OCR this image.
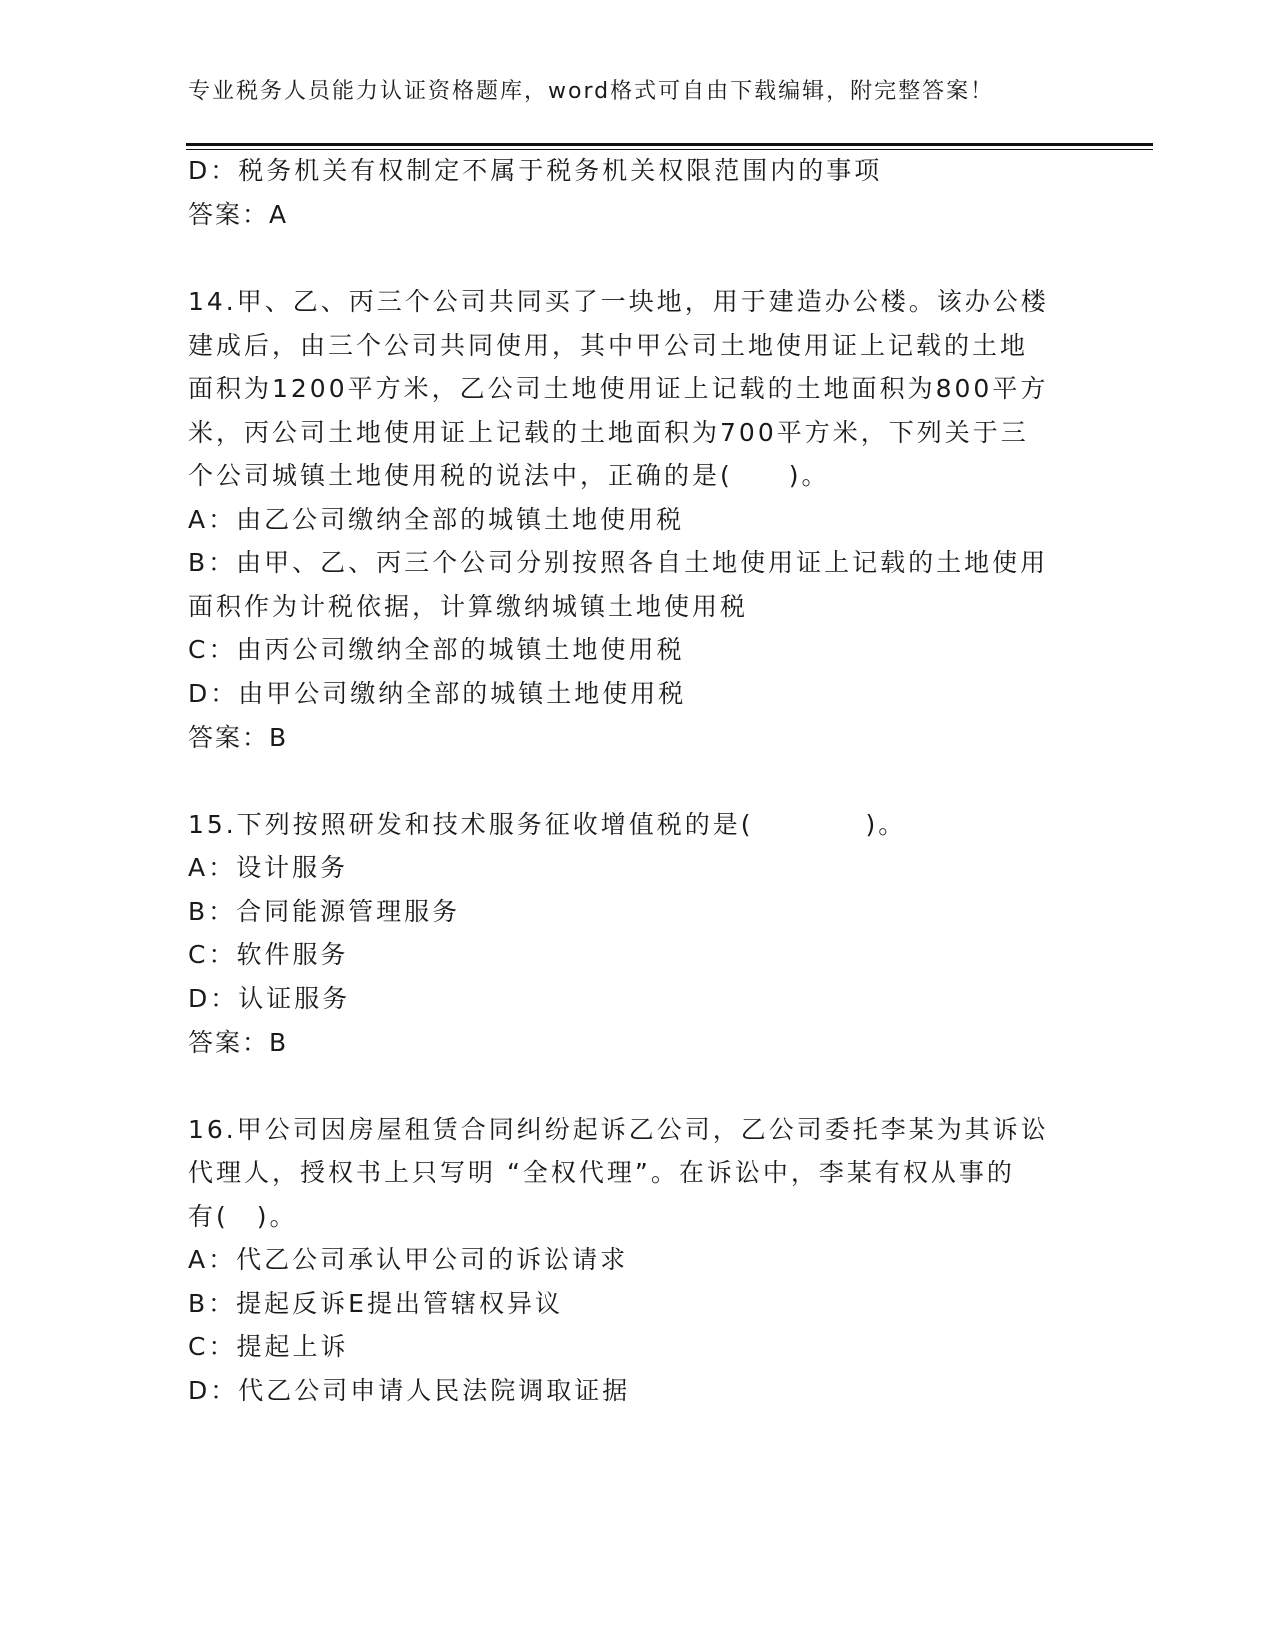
专业税务人员能力认证资格题库，word格式可自由下载编辑，附完整答案！
D：税务机关有权制定不属于税务机关权限范围内的事项
答案：A
14.甲、乙、丙三个公司共同买了一块地，用于建造办公楼。该办公楼
建成后，由三个公司共同使用，其中甲公司土地使用证上记载的土地
面积为1200平方米，乙公司土地使用证上记载的土地面积为800平方
米，丙公司土地使用证上记载的土地面积为700平方米，下列关于三
个公司城镇土地使用税的说法中，正确的是(　　)。
A：由乙公司缴纳全部的城镇土地使用税
B：由甲、乙、丙三个公司分别按照各自土地使用证上记载的土地使用
面积作为计税依据，计算缴纳城镇土地使用税
C：由丙公司缴纳全部的城镇土地使用税
D：由甲公司缴纳全部的城镇土地使用税
答案：B
15.下列按照研发和技术服务征收增值税的是(　　　　)。
A：设计服务
B：合同能源管理服务
C：软件服务
D：认证服务
答案：B
16.甲公司因房屋租赁合同纠纷起诉乙公司，乙公司委托李某为其诉讼
代理人，授权书上只写明 “全权代理”。在诉讼中，李某有权从事的
有(　)。
A：代乙公司承认甲公司的诉讼请求
B：提起反诉E提出管辖权异议
C：提起上诉
D：代乙公司申请人民法院调取证据
